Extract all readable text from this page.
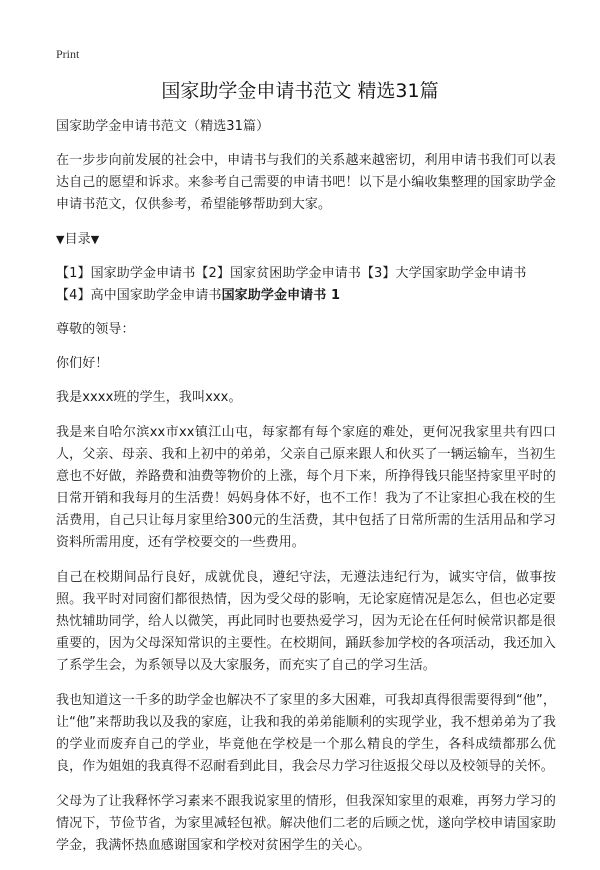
Print
国家助学金申请书范文 精选31篇

国家助学金申请书范文（精选31篇）

在一步步向前发展的社会中，申请书与我们的关系越来越密切，利用申请书我们可以表达自己的愿望和诉求。来参考自己需要的申请书吧！以下是小编收集整理的国家助学金申请书范文，仅供参考，希望能够帮助到大家。

▼目录▼
【1】国家助学金申请书【2】国家贫困助学金申请书【3】大学国家助学金申请书
【4】高中国家助学金申请书国家助学金申请书 1

尊敬的领导：

你们好！

我是xxxx班的学生，我叫xxx。

我是来自哈尔滨xx市xx镇江山屯，每家都有每个家庭的难处，更何况我家里共有四口人，父亲、母亲、我和上初中的弟弟，父亲自己原来跟人和伙买了一辆运输车，当初生意也不好做，养路费和油费等物价的上涨，每个月下来，所挣得钱只能坚持家里平时的日常开销和我每月的生活费！妈妈身体不好，也不工作！我为了不让家担心我在校的生活费用，自己只让每月家里给300元的生活费，其中包括了日常所需的生活用品和学习资料所需用度，还有学校要交的一些费用。

自己在校期间品行良好，成就优良，遵纪守法，无遵法违纪行为，诚实守信，做事按照。我平时对同窗们都很热情，因为受父母的影响，无论家庭情况是怎么，但也必定要热忱辅助同学，给人以微笑，再此同时也要热爱学习，因为无论在任何时候常识都是很重要的，因为父母深知常识的主要性。在校期间，踊跃参加学校的各项活动，我还加入了系学生会，为系领导以及大家服务，而充实了自己的学习生活。

我也知道这一千多的助学金也解决不了家里的多大困难，可我却真得很需要得到“他”，让“他”来帮助我以及我的家庭，让我和我的弟弟能顺利的实现学业，我不想弟弟为了我的学业而废弃自己的学业，毕竟他在学校是一个那么精良的学生，各科成绩都那么优良，作为姐姐的我真得不忍耐看到此目，我会尽力学习往返报父母以及校领导的关怀。

父母为了让我释怀学习素来不跟我说家里的情形，但我深知家里的艰难，再努力学习的情况下，节俭节省，为家里减轻包袱。解决他们二老的后顾之忧，遂向学校申请国家助学金，我满怀热血感谢国家和学校对贫困学生的关心。
